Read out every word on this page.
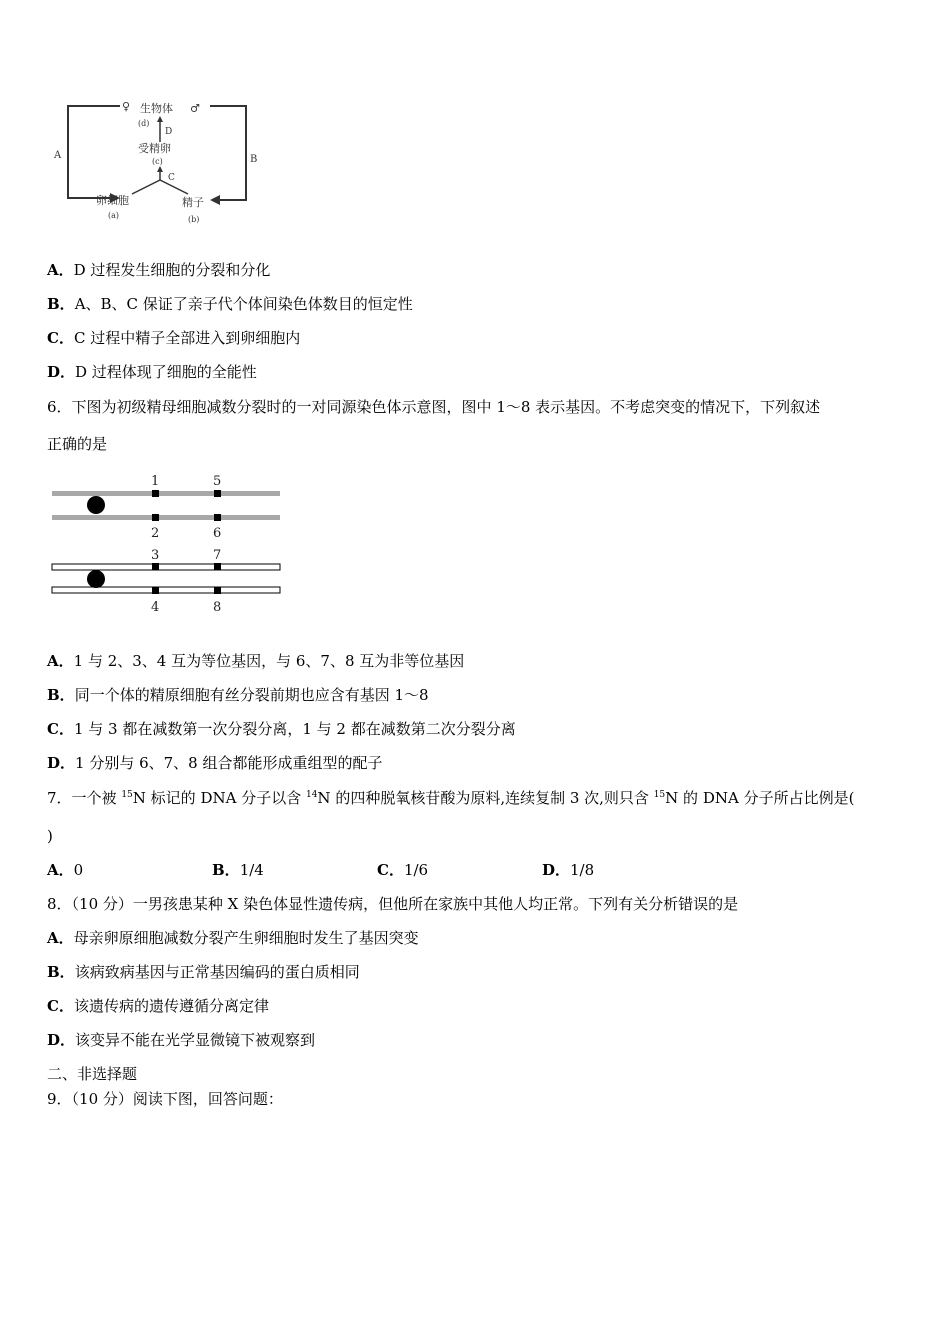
♀ 生物体 ♂
(d)
D
受精卵
(c)
C
A	B
卵细胞
(a)
精子
(b)
A．D 过程发生细胞的分裂和分化
B．A、B、C 保证了亲子代个体间染色体数目的恒定性
C．C 过程中精子全部进入到卵细胞内
D．D 过程体现了细胞的全能性
6．下图为初级精母细胞减数分裂时的一对同源染色体示意图，图中 1～8 表示基因。不考虑突变的情况下，下列叙述
正确的是
1	5
2	6
3	7
4	8
A．1 与 2、3、4 互为等位基因，与 6、7、8 互为非等位基因
B．同一个体的精原细胞有丝分裂前期也应含有基因 1～8
C．1 与 3 都在减数第一次分裂分离，1 与 2 都在减数第二次分裂分离
D．1 分别与 6、7、8 组合都能形成重组型的配子
7．一个被 $^{15}$N 标记的 DNA 分子以含 $^{14}$N 的四种脱氧核苷酸为原料,连续复制 3 次,则只含 $^{15}$N 的 DNA 分子所占比例是(
)
A．0	B．1/4	C．1/6	D．1/8
8．（10 分）一男孩患某种 X 染色体显性遗传病，但他所在家族中其他人均正常。下列有关分析错误的是
A．母亲卵原细胞减数分裂产生卵细胞时发生了基因突变
B．该病致病基因与正常基因编码的蛋白质相同
C．该遗传病的遗传遵循分离定律
D．该变异不能在光学显微镜下被观察到
二、非选择题
9．（10 分）阅读下图，回答问题：
